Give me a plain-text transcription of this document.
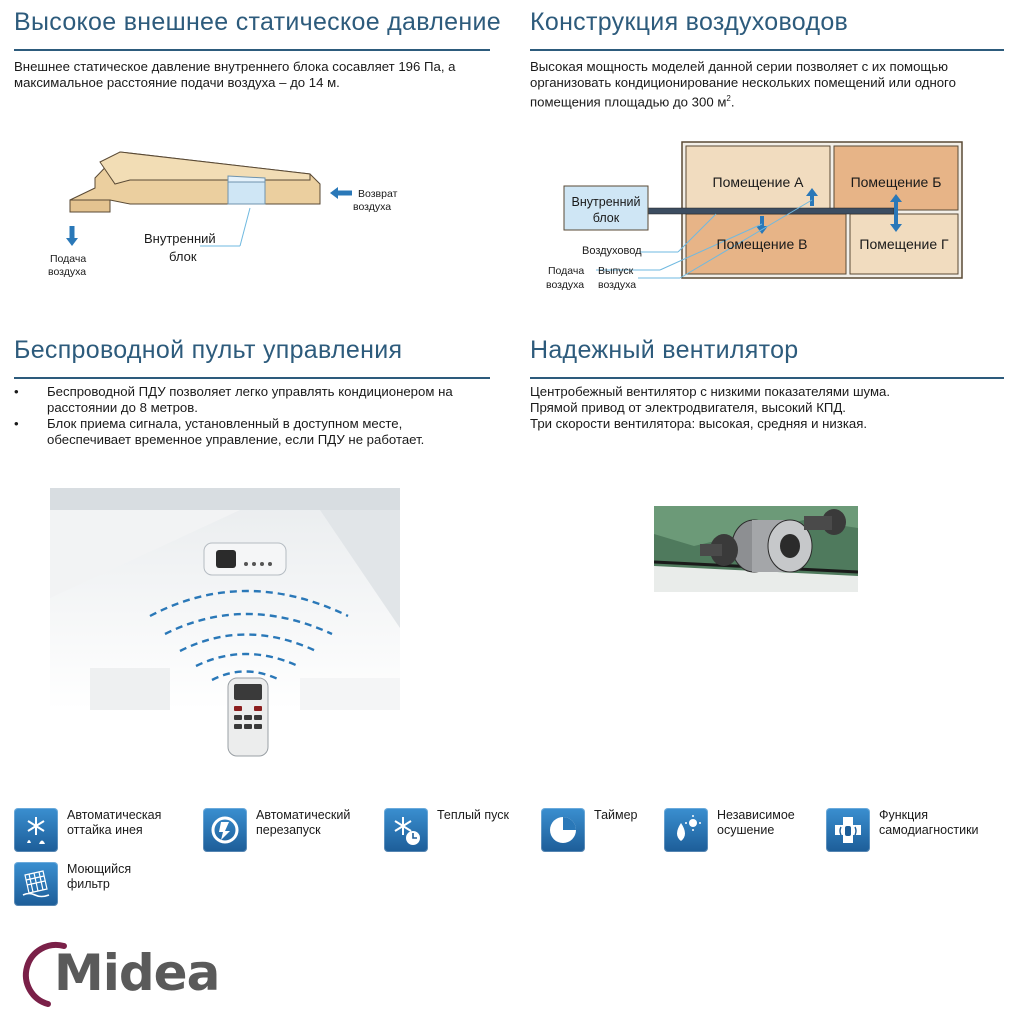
Высокое внешнее статическое давление
Внешнее статическое давление внутреннего блока сосавляет 196 Па, а максимальное расстояние подачи воздуха – до 14 м.
Внутренний
блок
Возврат
воздуха
Подача
воздуха
Конструкция воздуховодов
Высокая мощность моделей данной серии позволяет с их помощью организовать кондиционирование нескольких помещений или одного помещения площадью до 300 $м^2$.
Внутренний
блок
Помещение А	Помещение Б
Помещение В	Помещение Г
Воздуховод
Подача
воздуха
Выпуск
воздуха
Беспроводной пульт управления
• Беспроводной ПДУ позволяет легко управлять кондиционером на расстоянии до 8 метров.
• Блок приема сигнала, установленный в доступном месте, обеспечивает временное управление, если ПДУ не работает.
Надежный вентилятор

Центробежный вентилятор с низкими показателями шума.

Прямой привод от электродвигателя, высокий КПД.

Три скорости вентилятора: высокая, средняя и низкая.

Автоматическая
оттайка инея
Автоматический
перезапуск
Теплый пуск	Таймер	Независимое
осушение
Функция
самодиагностики
Моющийся
фильтр
Midea
